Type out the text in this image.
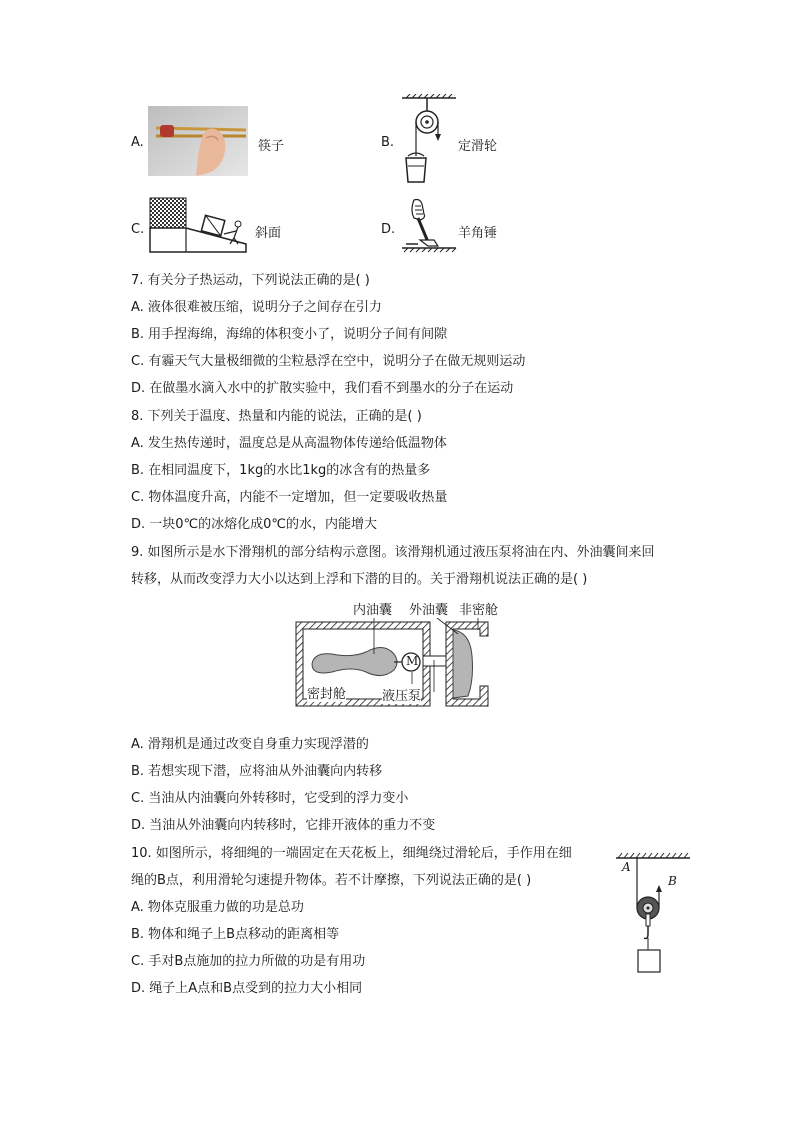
A.	筷子	B.	定滑轮
C.	斜面	D.	羊角锤
7. 有关分子热运动，下列说法正确的是( )
A. 液体很难被压缩，说明分子之间存在引力
B. 用手捏海绵，海绵的体积变小了，说明分子间有间隙
C. 有霾天气大量极细微的尘粒悬浮在空中，说明分子在做无规则运动
D. 在做墨水滴入水中的扩散实验中，我们看不到墨水的分子在运动
8. 下列关于温度、热量和内能的说法，正确的是( )
A. 发生热传递时，温度总是从高温物体传递给低温物体
B. 在相同温度下，1kg的水比1kg的冰含有的热量多
C. 物体温度升高，内能不一定增加，但一定要吸收热量
D. 一块0℃的冰熔化成0℃的水，内能增大
9. 如图所示是水下滑翔机的部分结构示意图。该滑翔机通过液压泵将油在内、外油囊间来回
转移，从而改变浮力大小以达到上浮和下潜的目的。关于滑翔机说法正确的是( )
内油囊 外油囊 非密舱
密封舱	液压泵
M
A. 滑翔机是通过改变自身重力实现浮潜的
B. 若想实现下潜，应将油从外油囊向内转移
C. 当油从内油囊向外转移时，它受到的浮力变小
D. 当油从外油囊向内转移时，它排开液体的重力不变
10. 如图所示，将细绳的一端固定在天花板上，细绳绕过滑轮后，手作用在细
绳的B点，利用滑轮匀速提升物体。若不计摩擦，下列说法正确的是( )
A. 物体克服重力做的功是总功
B. 物体和绳子上B点移动的距离相等
C. 手对B点施加的拉力所做的功是有用功
D. 绳子上A点和B点受到的拉力大小相同
A
B
